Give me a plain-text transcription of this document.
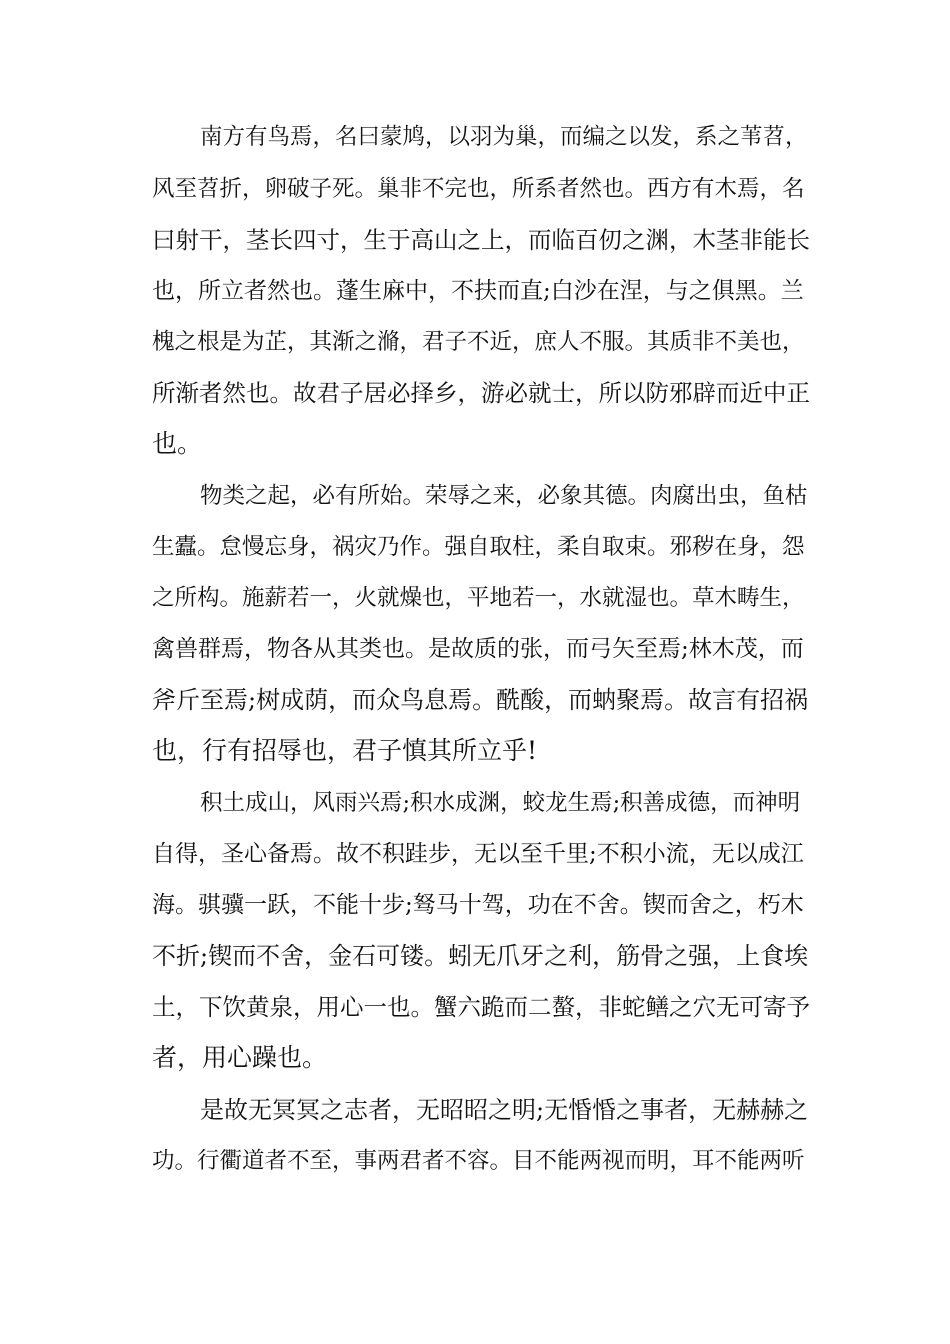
南方有鸟焉，名曰蒙鸠，以羽为巢，而编之以发，系之苇苕，
风至苕折，卵破子死。巢非不完也，所系者然也。西方有木焉，名
曰射干，茎长四寸，生于高山之上，而临百仞之渊，木茎非能长
也，所立者然也。蓬生麻中，不扶而直;白沙在涅，与之俱黑。兰
槐之根是为芷，其渐之滫，君子不近，庶人不服。其质非不美也，
所渐者然也。故君子居必择乡，游必就士，所以防邪辟而近中正
也。
物类之起，必有所始。荣辱之来，必象其德。肉腐出虫，鱼枯
生蠹。怠慢忘身，祸灾乃作。强自取柱，柔自取束。邪秽在身，怨
之所构。施薪若一，火就燥也，平地若一，水就湿也。草木畴生，
禽兽群焉，物各从其类也。是故质的张，而弓矢至焉;林木茂，而
斧斤至焉;树成荫，而众鸟息焉。酰酸，而蚋聚焉。故言有招祸
也，行有招辱也，君子慎其所立乎!
积土成山，风雨兴焉;积水成渊，蛟龙生焉;积善成德，而神明
自得，圣心备焉。故不积跬步，无以至千里;不积小流，无以成江
海。骐骥一跃，不能十步;驽马十驾，功在不舍。锲而舍之，朽木
不折;锲而不舍，金石可镂。蚓无爪牙之利，筋骨之强，上食埃
土，下饮黄泉，用心一也。蟹六跪而二螯，非蛇鳝之穴无可寄予
者，用心躁也。
是故无冥冥之志者，无昭昭之明;无惛惛之事者，无赫赫之
功。行衢道者不至，事两君者不容。目不能两视而明，耳不能两听
